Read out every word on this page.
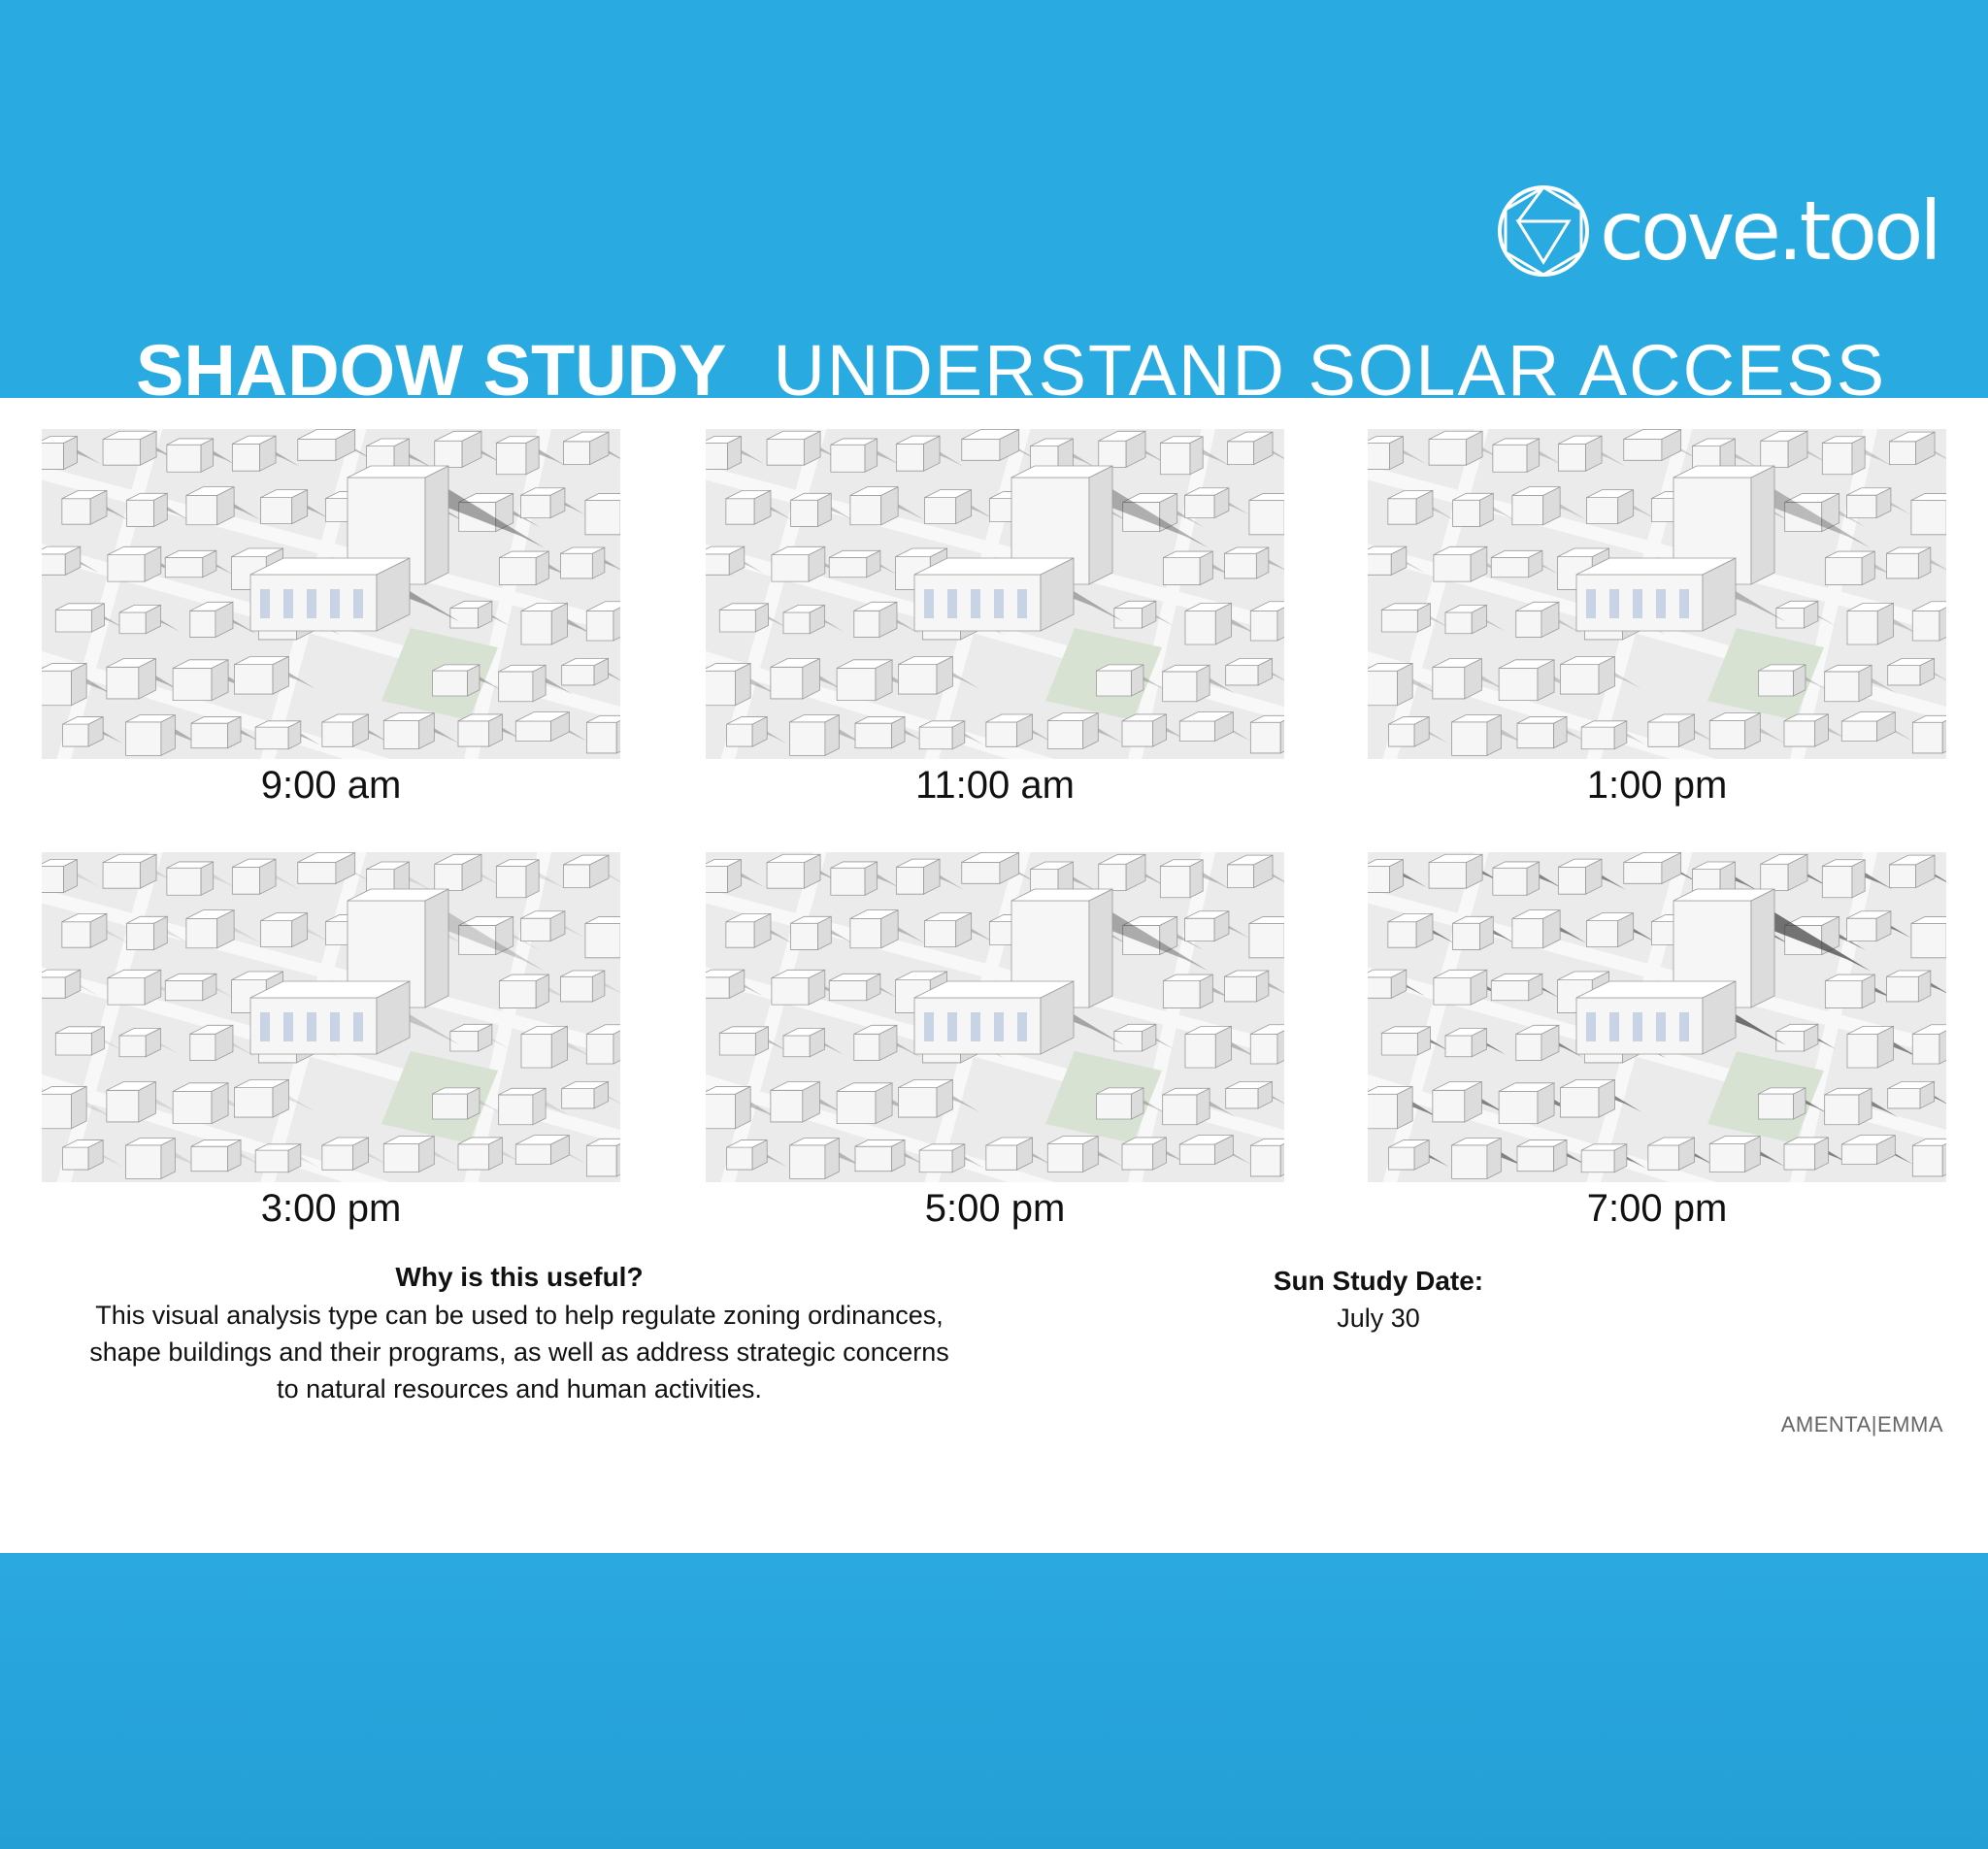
cove.tool
SHADOW STUDY UNDERSTAND SOLAR ACCESS
9:00 am	11:00 am	1:00 pm
3:00 pm	5:00 pm	7:00 pm
Why is this useful?
This visual analysis type can be used to help regulate zoning ordinances,
shape buildings and their programs, as well as address strategic concerns
to natural resources and human activities.
Sun Study Date:
July 30
AMENTA|EMMA
